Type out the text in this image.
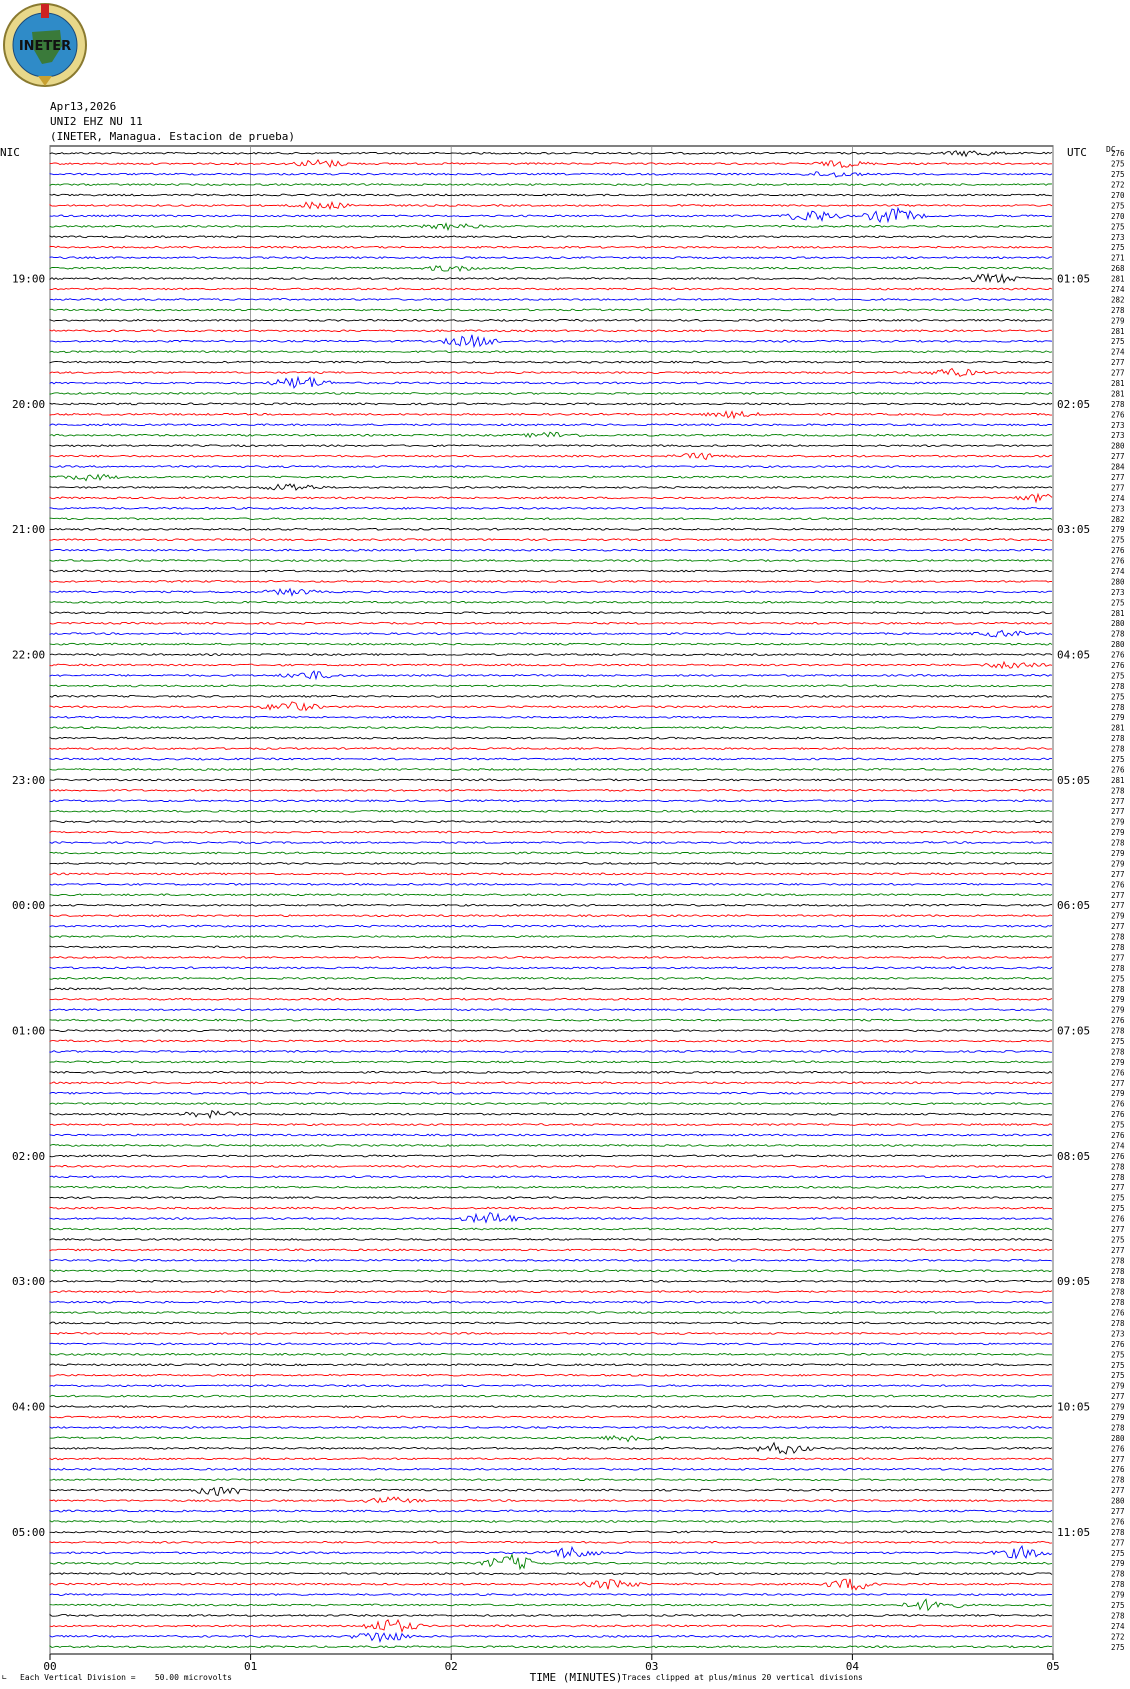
INETER
Apr13,2026
UNI2 EHZ NU 11
(INETER, Managua. Estacion de prueba)
NIC	UTC DC
00	01	02	03	04	05
TIME (MINUTES)
276
275
275
272
270
275
270
275
273
275
271
268
281
274
282
278
279
281
275
274
277
277
281
281
278
276
273
273
280
277
284
277
277
274
273
282
279
275
276
276
274
280
273
275
281
280
278
280
276
276
275
278
275
278
279
281
278
278
275
276
281
278
277
277
279
279
278
279
279
277
276
277
277
279
277
278
278
277
278
275
278
279
279
276
278
275
278
279
276
277
279
276
276
275
276
274
276
278
278
277
275
275
276
277
275
277
278
278
278
278
278
276
278
273
276
275
275
275
279
277
279
279
278
280
276
277
276
278
277
280
277
276
278
277
275
279
278
278
279
275
278
274
272
275
19:00
20:00
21:00
22:00
23:00
00:00
01:00
02:00
03:00
04:00
05:00
01:05
02:05
03:05
04:05
05:05
06:05
07:05
08:05
09:05
10:05
11:05
∟ Each Vertical Division =    50.00 microvolts	Traces clipped at plus/minus 20 vertical divisions
